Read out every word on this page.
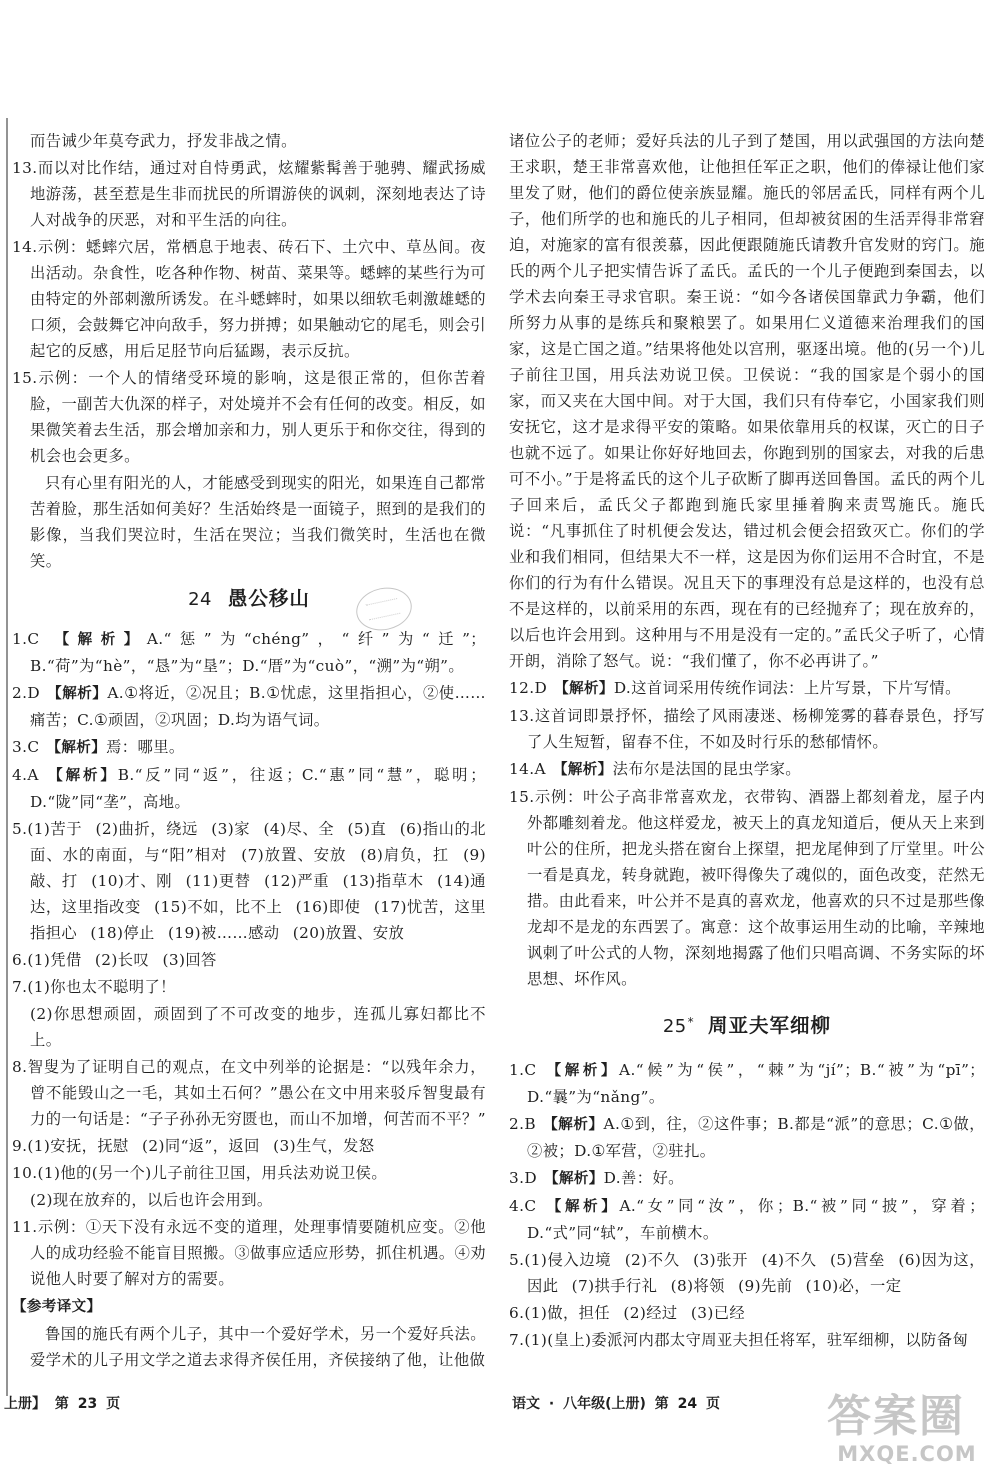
而告诫少年莫夸武力，抒发非战之情。

13.而以对比作结，通过对自恃勇武，炫耀紫髯善于驰骋、耀武扬威地游荡，甚至惹是生非而扰民的所谓游侠的讽刺，深刻地表达了诗人对战争的厌恶，对和平生活的向往。

14.示例：蟋蟀穴居，常栖息于地表、砖石下、土穴中、草丛间。夜出活动。杂食性，吃各种作物、树苗、菜果等。蟋蟀的某些行为可由特定的外部刺激所诱发。在斗蟋蟀时，如果以细软毛刺激雄蟋的口须，会鼓舞它冲向敌手，努力拼搏；如果触动它的尾毛，则会引起它的反感，用后足胫节向后猛踢，表示反抗。

15.示例：一个人的情绪受环境的影响，这是很正常的，但你苦着脸，一副苦大仇深的样子，对处境并不会有任何的改变。相反，如果微笑着去生活，那会增加亲和力，别人更乐于和你交往，得到的机会也会更多。

只有心里有阳光的人，才能感受到现实的阳光，如果连自己都常苦着脸，那生活如何美好？生活始终是一面镜子，照到的是我们的影像，当我们哭泣时，生活在哭泣；当我们微笑时，生活也在微笑。

24 愚公移山

1.C 【解析】A.“惩”为“chéng”，“纤”为“迁”；B.“荷”为“hè”，“恳”为“垦”；D.“厝”为“cuò”，“溯”为“朔”。

2.D 【解析】A.①将近，②况且；B.①忧虑，这里指担心，②使……痛苦；C.①顽固，②巩固；D.均为语气词。

3.C 【解析】焉：哪里。

4.A 【解析】B.“反”同“返”，往返；C.“惠”同“慧”，聪明；D.“陇”同“垄”，高地。

5.(1)苦于 (2)曲折，绕远 (3)家 (4)尽、全 (5)直 (6)指山的北面、水的南面，与“阳”相对 (7)放置、安放 (8)肩负，扛 (9)敲、打 (10)才、刚 (11)更替 (12)严重 (13)指草木 (14)通达，这里指改变 (15)不如，比不上 (16)即使 (17)忧苦，这里指担心 (18)停止 (19)被……感动 (20)放置、安放

6.(1)凭借 (2)长叹 (3)回答

7.(1)你也太不聪明了！

(2)你思想顽固，顽固到了不可改变的地步，连孤儿寡妇都比不上。

8.智叟为了证明自己的观点，在文中列举的论据是：“以残年余力，曾不能毁山之一毛，其如土石何？”愚公在文中用来驳斥智叟最有力的一句话是：“子子孙孙无穷匮也，而山不加增，何苦而不平？”

9.(1)安抚，抚慰 (2)同“返”，返回 (3)生气，发怒

10.(1)他的(另一个)儿子前往卫国，用兵法劝说卫侯。

(2)现在放弃的，以后也许会用到。

11.示例：①天下没有永远不变的道理，处理事情要随机应变。②他人的成功经验不能盲目照搬。③做事应适应形势，抓住机遇。④劝说他人时要了解对方的需要。

【参考译文】

鲁国的施氏有两个儿子，其中一个爱好学术，另一个爱好兵法。爱学术的儿子用文学之道去求得齐侯任用，齐侯接纳了他，让他做

诸位公子的老师；爱好兵法的儿子到了楚国，用以武强国的方法向楚王求职，楚王非常喜欢他，让他担任军正之职，他们的俸禄让他们家里发了财，他们的爵位使亲族显耀。施氏的邻居孟氏，同样有两个儿子，他们所学的也和施氏的儿子相同，但却被贫困的生活弄得非常窘迫，对施家的富有很羡慕，因此便跟随施氏请教升官发财的窍门。施氏的两个儿子把实情告诉了孟氏。孟氏的一个儿子便跑到秦国去，以学术去向秦王寻求官职。秦王说：“如今各诸侯国靠武力争霸，他们所努力从事的是练兵和聚粮罢了。如果用仁义道德来治理我们的国家，这是亡国之道。”结果将他处以宫刑，驱逐出境。他的(另一个)儿子前往卫国，用兵法劝说卫侯。卫侯说：“我的国家是个弱小的国家，而又夹在大国中间。对于大国，我们只有侍奉它，小国家我们则安抚它，这才是求得平安的策略。如果依靠用兵的权谋，灭亡的日子也就不远了。如果让你好好地回去，你跑到别的国家去，对我的后患可不小。”于是将孟氏的这个儿子砍断了脚再送回鲁国。孟氏的两个儿子回来后，孟氏父子都跑到施氏家里捶着胸来责骂施氏。施氏说：“凡事抓住了时机便会发达，错过机会便会招致灭亡。你们的学业和我们相同，但结果大不一样，这是因为你们运用不合时宜，不是你们的行为有什么错误。况且天下的事理没有总是这样的，也没有总不是这样的，以前采用的东西，现在有的已经抛弃了；现在放弃的，以后也许会用到。这种用与不用是没有一定的。”孟氏父子听了，心情开朗，消除了怒气。说：“我们懂了，你不必再讲了。”

12.D 【解析】D.这首词采用传统作词法：上片写景，下片写情。

13.这首词即景抒怀，描绘了风雨凄迷、杨柳笼雾的暮春景色，抒写了人生短暂，留春不住，不如及时行乐的愁郁情怀。

14.A 【解析】法布尔是法国的昆虫学家。

15.示例：叶公子高非常喜欢龙，衣带钩、酒器上都刻着龙，屋子内外都雕刻着龙。他这样爱龙，被天上的真龙知道后，便从天上来到叶公的住所，把龙头搭在窗台上探望，把龙尾伸到了厅堂里。叶公一看是真龙，转身就跑，被吓得像失了魂似的，面色改变，茫然无措。由此看来，叶公并不是真的喜欢龙，他喜欢的只不过是那些像龙却不是龙的东西罢了。寓意：这个故事运用生动的比喻，辛辣地讽刺了叶公式的人物，深刻地揭露了他们只唱高调、不务实际的坏思想、坏作风。

25* 周亚夫军细柳

1.C 【解析】A.“候”为“侯”，“棘”为“jí”；B.“被”为“pī”；D.“曩”为“nǎng”。

2.B 【解析】A.①到，往，②这件事；B.都是“派”的意思；C.①做，②被；D.①军营，②驻扎。

3.D 【解析】D.善：好。

4.C 【解析】A.“女”同“汝”，你；B.“被”同“披”，穿着；D.“式”同“轼”，车前横木。

5.(1)侵入边境 (2)不久 (3)张开 (4)不久 (5)营垒 (6)因为这，因此 (7)拱手行礼 (8)将领 (9)先前 (10)必，一定

6.(1)做，担任 (2)经过 (3)已经

7.(1)(皇上)委派河内郡太守周亚夫担任将军，驻军细柳，以防备匈

上册】 第 23 页	语文 · 八年级(上册) 第 24 页	答案圈
MXQE.COM
